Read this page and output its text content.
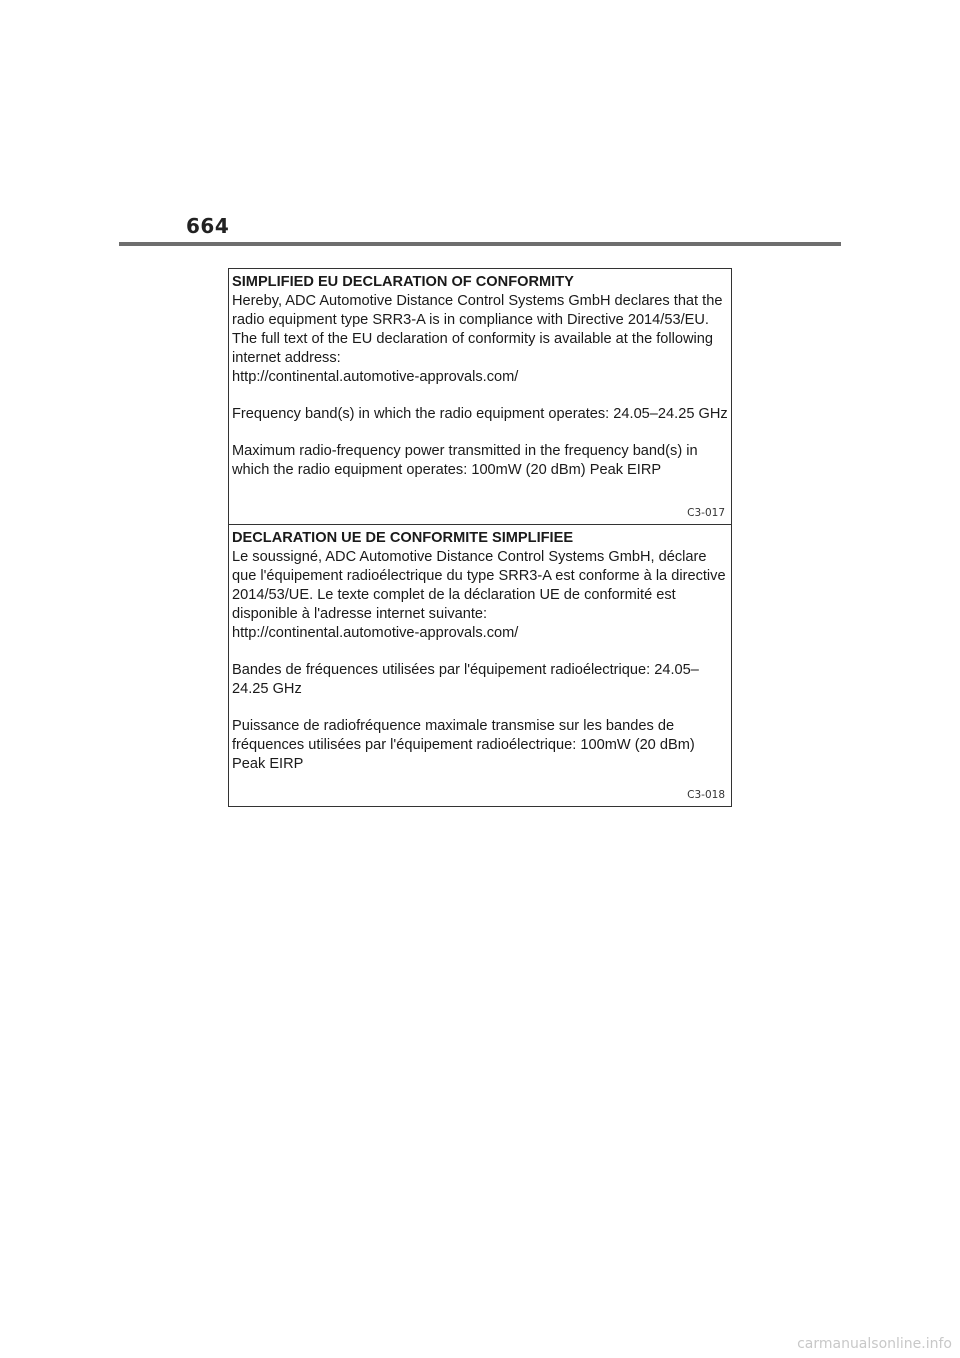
664
SIMPLIFIED EU DECLARATION OF CONFORMITY

Hereby, ADC Automotive Distance Control Systems GmbH declares that the radio equipment type SRR3-A is in compliance with Directive 2014/53/EU. The full text of the EU declaration of conformity is available at the following internet address:
http://continental.automotive-approvals.com/

Frequency band(s) in which the radio equipment operates: 24.05–24.25 GHz

Maximum radio-frequency power transmitted in the frequency band(s) in which the radio equipment operates: 100mW (20 dBm) Peak EIRP

C3-017
DECLARATION UE DE CONFORMITE SIMPLIFIEE

Le soussigné, ADC Automotive Distance Control Systems GmbH, déclare que l'équipement radioélectrique du type SRR3-A est conforme à la directive 2014/53/UE. Le texte complet de la déclaration UE de conformité est disponible à l'adresse internet suivante:
http://continental.automotive-approvals.com/

Bandes de fréquences utilisées par l'équipement radioélectrique: 24.05–24.25 GHz

Puissance de radiofréquence maximale transmise sur les bandes de fréquences utilisées par l'équipement radioélectrique: 100mW (20 dBm) Peak EIRP

C3-018
carmanualsonline.info
